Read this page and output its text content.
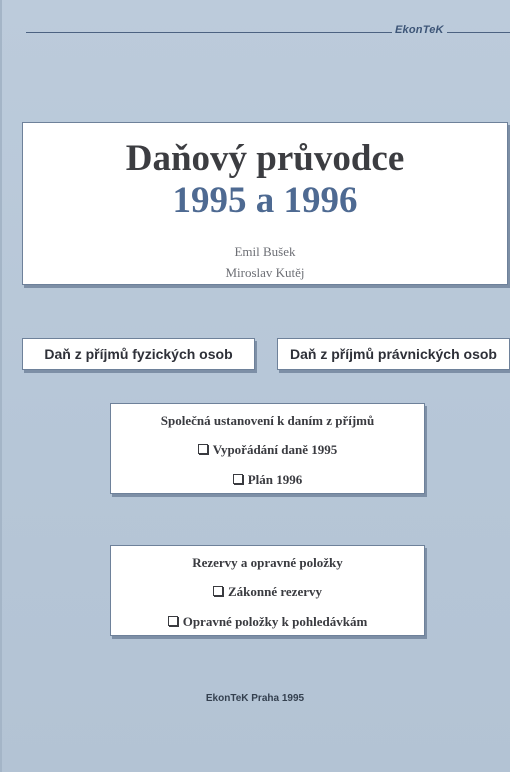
EkonTeK
Daňový průvodce
1995 a 1996
Emil Bušek
Miroslav Kutěj
Daň z příjmů fyzických osob	Daň z příjmů právnických osob
Společná ustanovení k daním z příjmů
Vypořádání daně 1995
Plán 1996
Rezervy a opravné položky
Zákonné rezervy
Opravné položky k pohledávkám
EkonTeK Praha 1995
